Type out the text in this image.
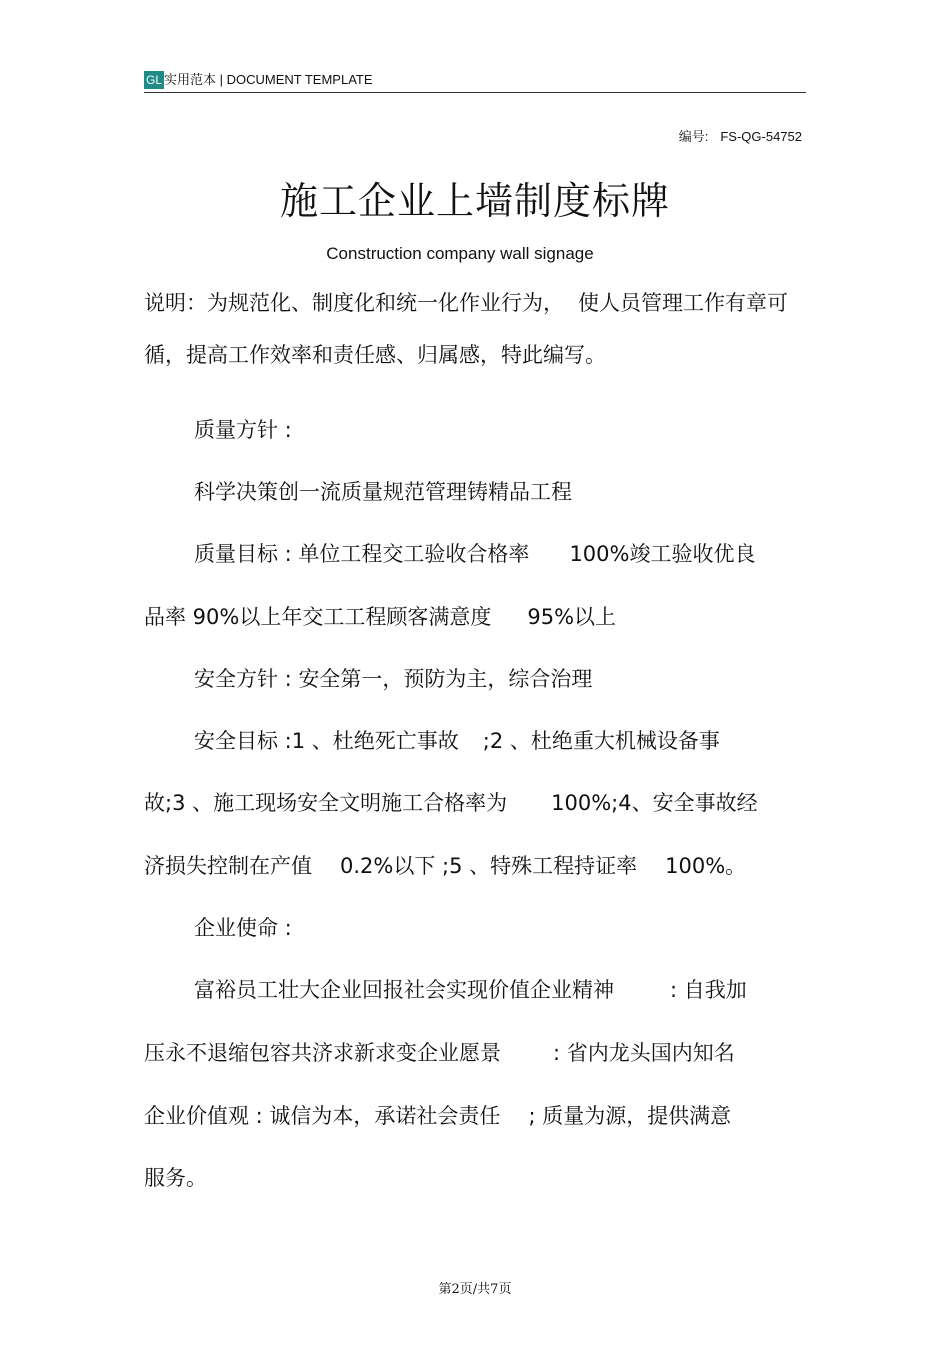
GL 实用范本 | DOCUMENT TEMPLATE
编号: FS-QG-54752
施工企业上墙制度标牌
Construction company wall signage
说明：为规范化、制度化和统一化作业行为， 使人员管理工作有章可
循，提高工作效率和责任感、归属感，特此编写。
质量方针 :
科学决策创一流质量规范管理铸精品工程
质量目标 : 单位工程交工验收合格率 100%竣工验收优良
品率 90%以上年交工工程顾客满意度 95%以上
安全方针 : 安全第一，预防为主，综合治理
安全目标 :1 、杜绝死亡事故 ;2 、杜绝重大机械设备事
故;3 、施工现场安全文明施工合格率为 100%;4、安全事故经
济损失控制在产值 0.2%以下 ;5 、特殊工程持证率 100%。
企业使命 :
富裕员工壮大企业回报社会实现价值企业精神	: 自我加
压永不退缩包容共济求新求变企业愿景 : 省内龙头国内知名
企业价值观 : 诚信为本，承诺社会责任 ; 质量为源，提供满意
服务。
第2页/共7页
